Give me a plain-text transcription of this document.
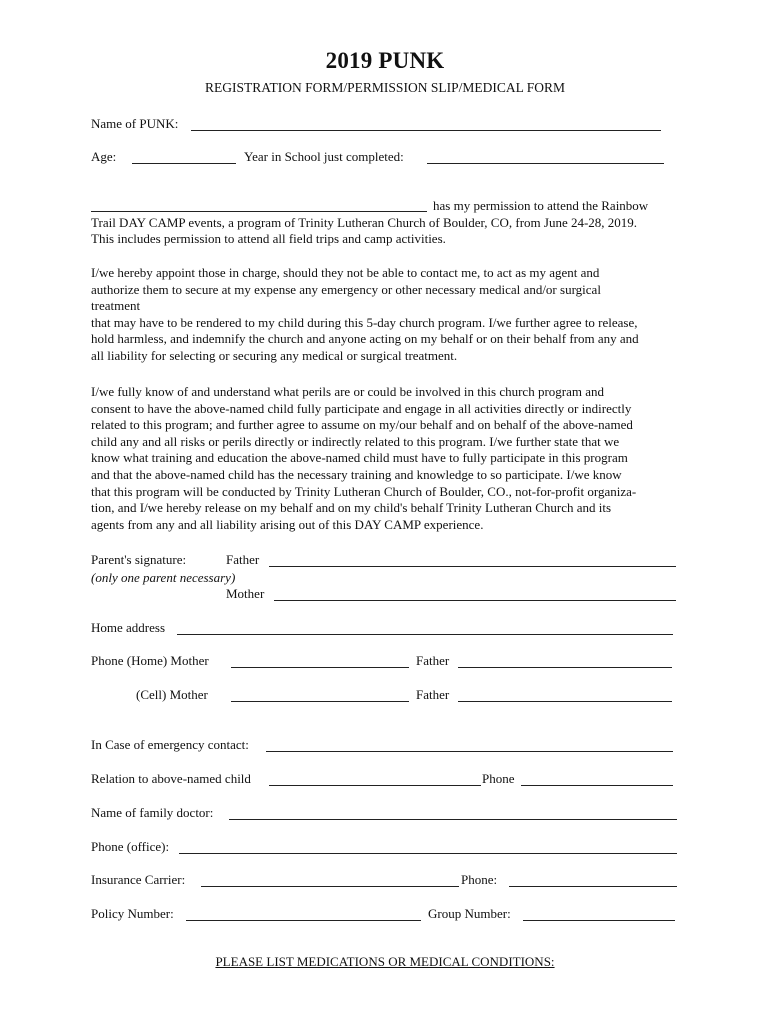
2019 PUNK
REGISTRATION FORM/PERMISSION SLIP/MEDICAL FORM
Name of PUNK:
Age:	Year in School just completed:
has my permission to attend the Rainbow
Trail DAY CAMP events, a program of Trinity Lutheran Church of Boulder, CO, from June 24-28, 2019.
This includes permission to attend all field trips and camp activities.
I/we hereby appoint those in charge, should they not be able to contact me, to act as my agent and
authorize them to secure at my expense any emergency or other necessary medical and/or surgical
treatment
that may have to be rendered to my child during this 5-day church program. I/we further agree to release,
hold harmless, and indemnify the church and anyone acting on my behalf or on their behalf from any and
all liability for selecting or securing any medical or surgical treatment.
I/we fully know of and understand what perils are or could be involved in this church program and
consent to have the above-named child fully participate and engage in all activities directly or indirectly
related to this program; and further agree to assume on my/our behalf and on behalf of the above-named
child any and all risks or perils directly or indirectly related to this program. I/we further state that we
know what training and education the above-named child must have to fully participate in this program
and that the above-named child has the necessary training and knowledge to so participate. I/we know
that this program will be conducted by Trinity Lutheran Church of Boulder, CO., not-for-profit organiza-
tion, and I/we hereby release on my behalf and on my child's behalf Trinity Lutheran Church and its
agents from any and all liability arising out of this DAY CAMP experience.
Parent's signature:	Father
(only one parent necessary)
Mother
Home address
Phone (Home) Mother	Father
(Cell) Mother	Father
In Case of emergency contact:
Relation to above-named child	Phone
Name of family doctor:
Phone (office):
Insurance Carrier:	Phone:
Policy Number:	Group Number:
PLEASE LIST MEDICATIONS OR MEDICAL CONDITIONS:
